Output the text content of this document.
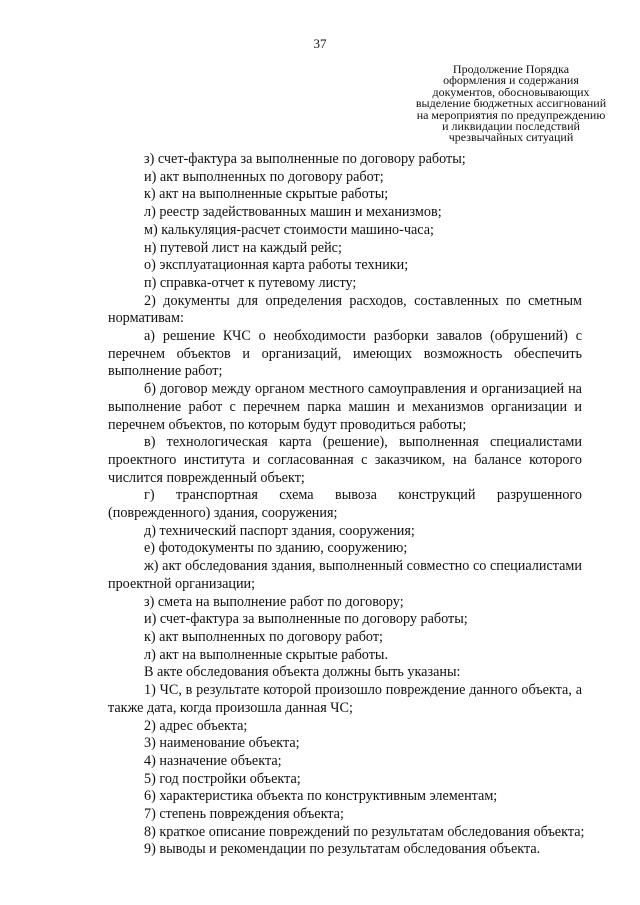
37
Продолжение Порядка
оформления и содержания
документов, обосновывающих
выделение бюджетных ассигнований
на мероприятия по предупреждению
и ликвидации последствий
чрезвычайных ситуаций

з) счет-фактура за выполненные по договору работы;

и) акт выполненных по договору работ;

к) акт на выполненные скрытые работы;

л) реестр задействованных машин и механизмов;

м) калькуляция-расчет стоимости машино-часа;

н) путевой лист на каждый рейс;

о) эксплуатационная карта работы техники;

п) справка-отчет к путевому листу;

2) документы для определения расходов, составленных по сметным нормативам:

а) решение КЧС о необходимости разборки завалов (обрушений) с перечнем объектов и организаций, имеющих возможность обеспечить выполнение работ;

б) договор между органом местного самоуправления и организацией на выполнение работ с перечнем парка машин и механизмов организации и перечнем объектов, по которым будут проводиться работы;

в) технологическая карта (решение), выполненная специалистами проектного института и согласованная с заказчиком, на балансе которого числится поврежденный объект;

г) транспортная схема вывоза конструкций разрушенного (поврежденного) здания, сооружения;

д) технический паспорт здания, сооружения;

е) фотодокументы по зданию, сооружению;

ж) акт обследования здания, выполненный совместно со специалистами проектной организации;

з) смета на выполнение работ по договору;

и) счет-фактура за выполненные по договору работы;

к) акт выполненных по договору работ;

л) акт на выполненные скрытые работы.

В акте обследования объекта должны быть указаны:

1) ЧС, в результате которой произошло повреждение данного объекта, а также дата, когда произошла данная ЧС;

2) адрес объекта;

3) наименование объекта;

4) назначение объекта;

5) год постройки объекта;

6) характеристика объекта по конструктивным элементам;

7) степень повреждения объекта;

8) краткое описание повреждений по результатам обследования объекта;

9) выводы и рекомендации по результатам обследования объекта.
